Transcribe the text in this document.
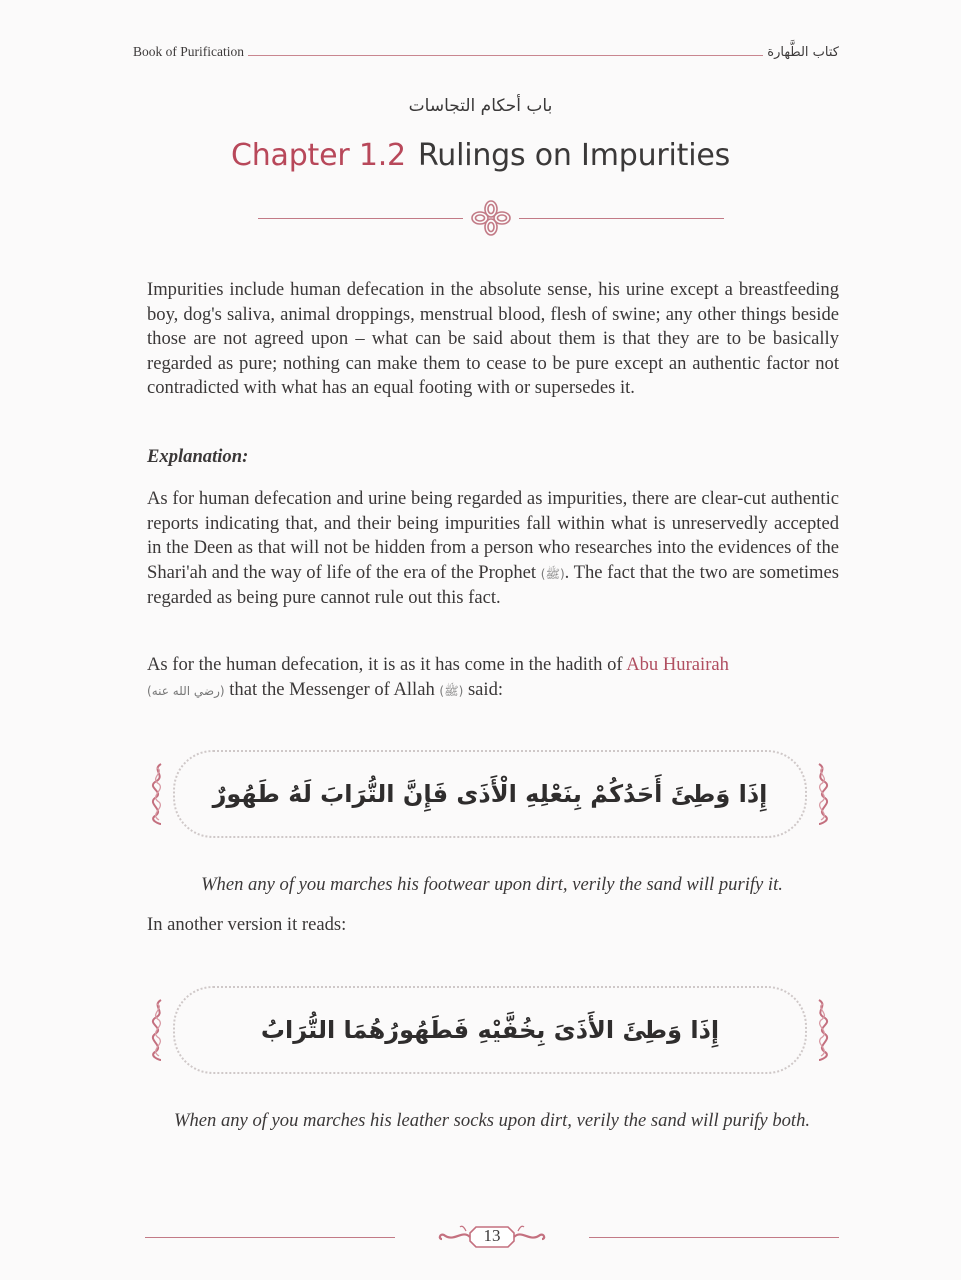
Book of Purification	كتاب الطَّهارة
باب أحكام التجاسات
Chapter 1.2 Rulings on Impurities

Impurities include human defecation in the absolute sense, his urine except a breastfeeding boy, dog's saliva, animal droppings, menstrual blood, flesh of swine; any other things beside those are not agreed upon – what can be said about them is that they are to be basically regarded as pure; nothing can make them to cease to be pure except an authentic factor not contradicted with what has an equal footing with or supersedes it.

Explanation:

As for human defecation and urine being regarded as impurities, there are clear-cut authentic reports indicating that, and their being impurities fall within what is unreservedly accepted in the Deen as that will not be hidden from a person who researches into the evidences of the Shari'ah and the way of life of the era of the Prophet (ﷺ). The fact that the two are sometimes regarded as being pure cannot rule out this fact.

As for the human defecation, it is as it has come in the hadith of Abu Hurairah
(رضي الله عنه) that the Messenger of Allah (ﷺ) said:

إِذَا وَطِئَ أَحَدُكُمْ بِنَعْلِهِ الْأَذَى فَإِنَّ التُّرَابَ لَهُ طَهُورٌ

When any of you marches his footwear upon dirt, verily the sand will purify it.

In another version it reads:

إِذَا وَطِئَ الأَذَىَ بِخُفَّيْهِ فَطَهُورُهُمَا التُّرَابُ

When any of you marches his leather socks upon dirt, verily the sand will purify both.

13
